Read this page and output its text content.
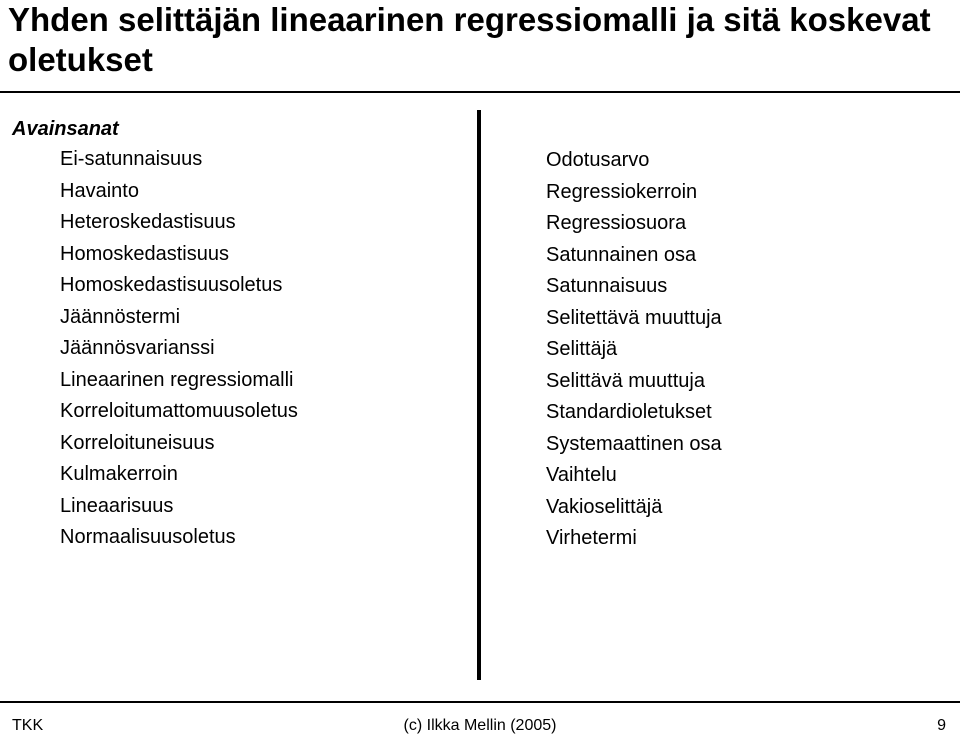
Yhden selittäjän lineaarinen regressiomalli ja sitä koskevat oletukset
Avainsanat
Ei-satunnaisuus
Havainto
Heteroskedastisuus
Homoskedastisuus
Homoskedastisuusoletus
Jäännöstermi
Jäännösvarianssi
Lineaarinen regressiomalli
Korreloitumattomuusoletus
Korreloituneisuus
Kulmakerroin
Lineaarisuus
Normaalisuusoletus
Odotusarvo
Regressiokerroin
Regressiosuora
Satunnainen osa
Satunnaisuus
Selitettävä muuttuja
Selittäjä
Selittävä muuttuja
Standardioletukset
Systemaattinen osa
Vaihtelu
Vakioselittäjä
Virhetermi
TKK	(c) Ilkka Mellin (2005)	9
